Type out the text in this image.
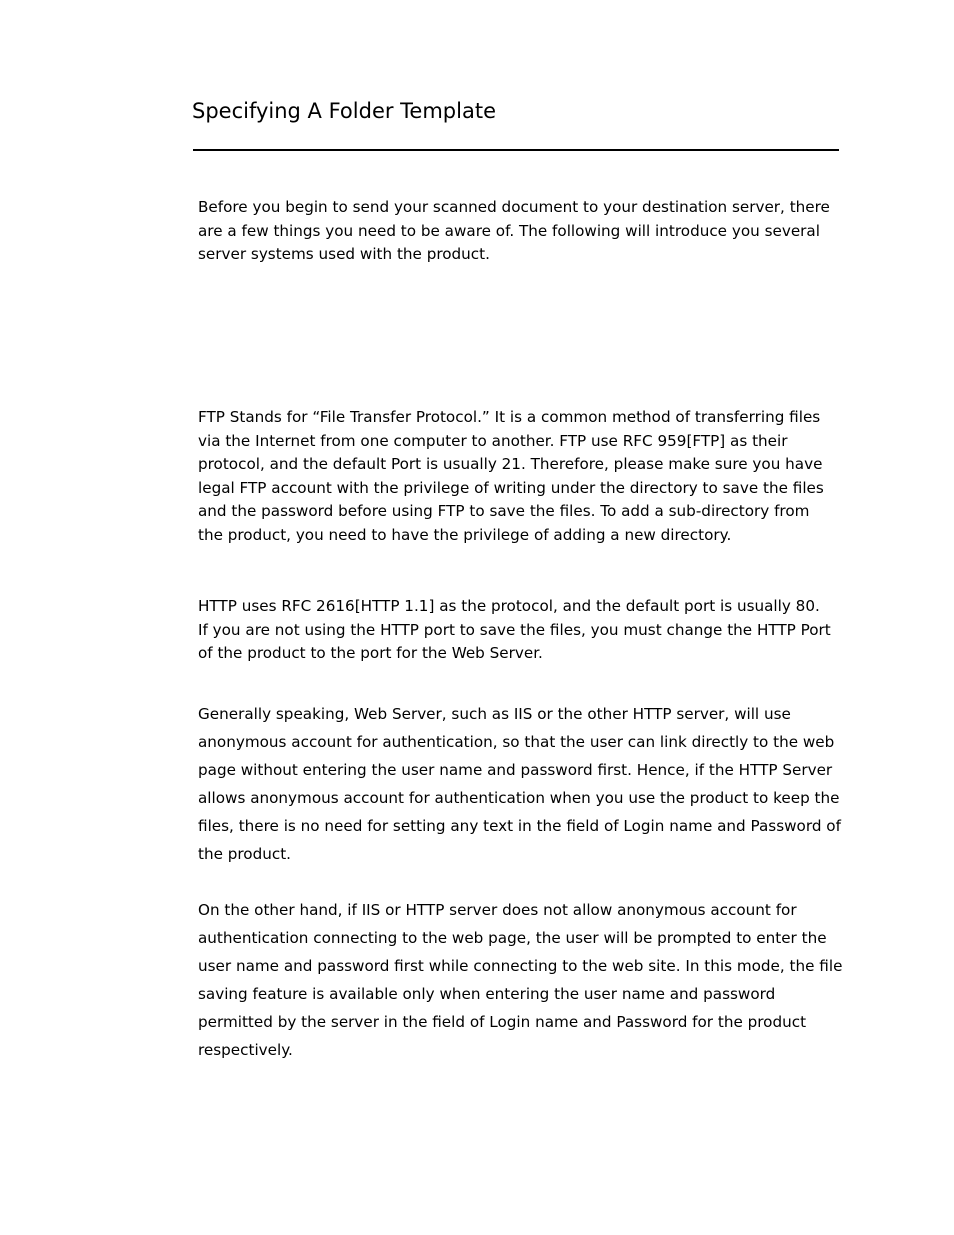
Specifying A Folder Template

Before you begin to send your scanned document to your destination server, there
are a few things you need to be aware of. The following will introduce you several
server systems used with the product.

FTP Stands for “File Transfer Protocol.” It is a common method of transferring files
via the Internet from one computer to another. FTP use RFC 959[FTP] as their
protocol, and the default Port is usually 21. Therefore, please make sure you have
legal FTP account with the privilege of writing under the directory to save the files
and the password before using FTP to save the files. To add a sub-directory from
the product, you need to have the privilege of adding a new directory.

HTTP uses RFC 2616[HTTP 1.1] as the protocol, and the default port is usually 80.
If you are not using the HTTP port to save the files, you must change the HTTP Port
of the product to the port for the Web Server.

Generally speaking, Web Server, such as IIS or the other HTTP server, will use
anonymous account for authentication, so that the user can link directly to the web
page without entering the user name and password first. Hence, if the HTTP Server
allows anonymous account for authentication when you use the product to keep the
files, there is no need for setting any text in the field of Login name and Password of
the product.

On the other hand, if IIS or HTTP server does not allow anonymous account for
authentication connecting to the web page, the user will be prompted to enter the
user name and password first while connecting to the web site. In this mode, the file
saving feature is available only when entering the user name and password
permitted by the server in the field of Login name and Password for the product
respectively.
